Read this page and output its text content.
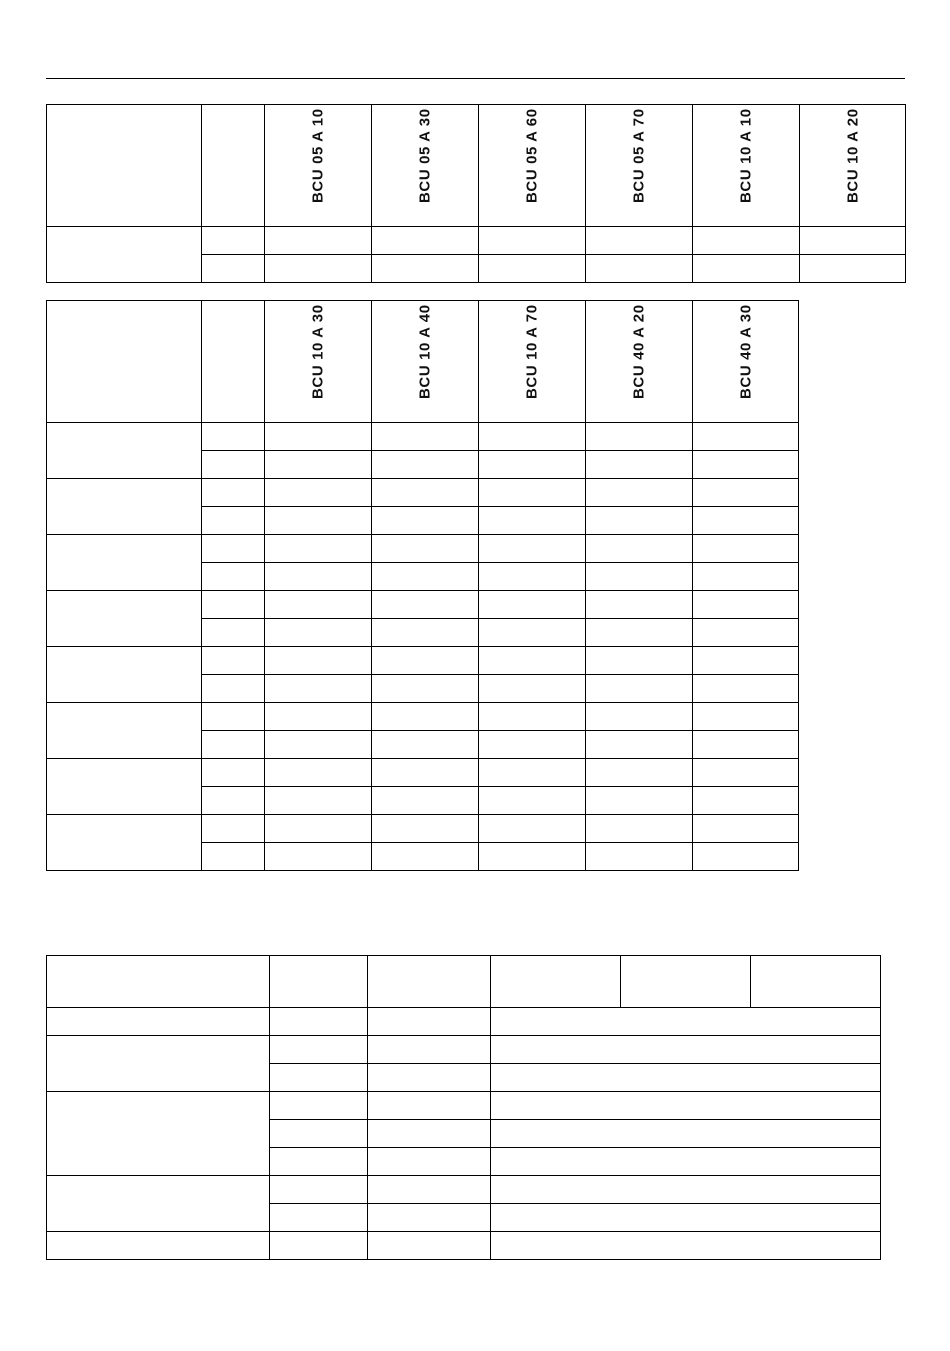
		BCU 05 A 10	BCU 05 A 30	BCU 05 A 60	BCU 05 A 70	BCU 10 A 10	BCU 10 A 20

		BCU 10 A 30	BCU 10 A 40	BCU 10 A 70	BCU 40 A 20	BCU 40 A 30
